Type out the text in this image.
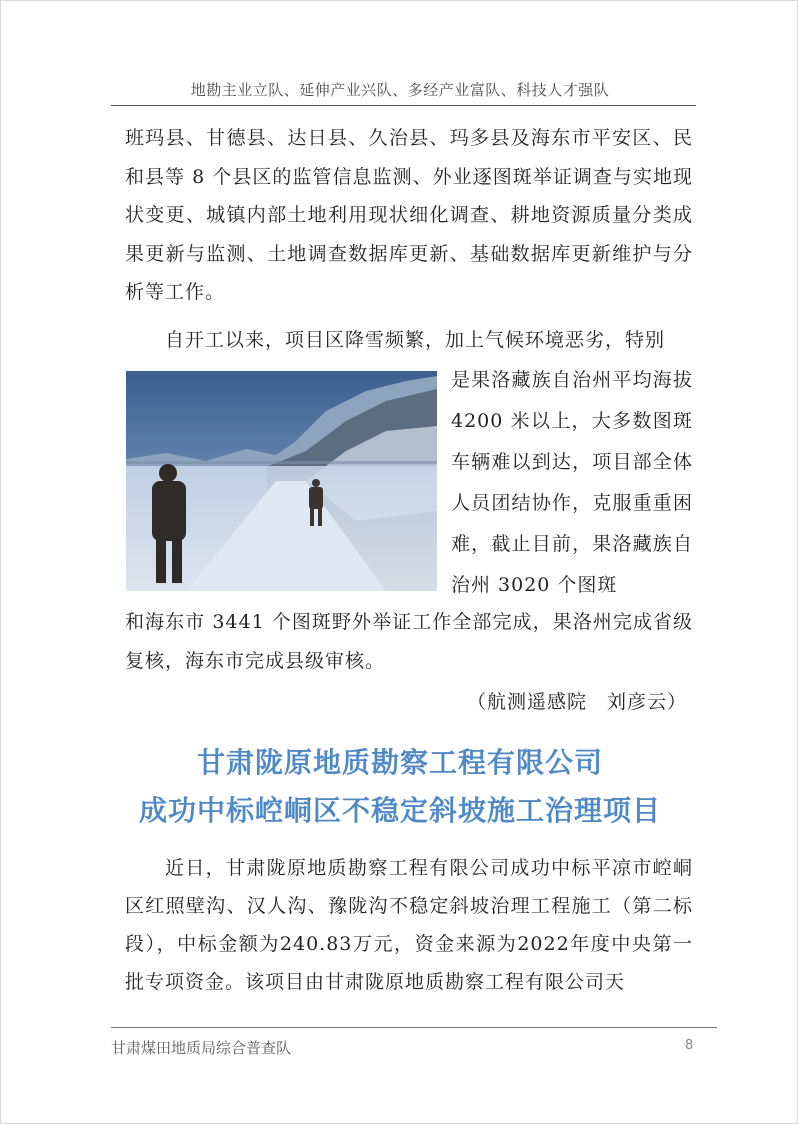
地勘主业立队、延伸产业兴队、多经产业富队、科技人才强队
班玛县、甘德县、达日县、久治县、玛多县及海东市平安区、民和县等 8 个县区的监管信息监测、外业逐图斑举证调查与实地现状变更、城镇内部土地利用现状细化调查、耕地资源质量分类成果更新与监测、土地调查数据库更新、基础数据库更新维护与分析等工作。
自开工以来，项目区降雪频繁，加上气候环境恶劣，特别
是果洛藏族自治州平均海拔 4200 米以上，大多数图斑车辆难以到达，项目部全体人员团结协作，克服重重困难，截止目前，果洛藏族自治州 3020 个图斑
和海东市 3441 个图斑野外举证工作全部完成，果洛州完成省级复核，海东市完成县级审核。
（航测遥感院　刘彦云）
甘肃陇原地质勘察工程有限公司
成功中标崆峒区不稳定斜坡施工治理项目
近日，甘肃陇原地质勘察工程有限公司成功中标平凉市崆峒区红照壁沟、汉人沟、豫陇沟不稳定斜坡治理工程施工（第二标段），中标金额为240.83万元，资金来源为2022年度中央第一批专项资金。该项目由甘肃陇原地质勘察工程有限公司天
甘肃煤田地质局综合普查队	8
